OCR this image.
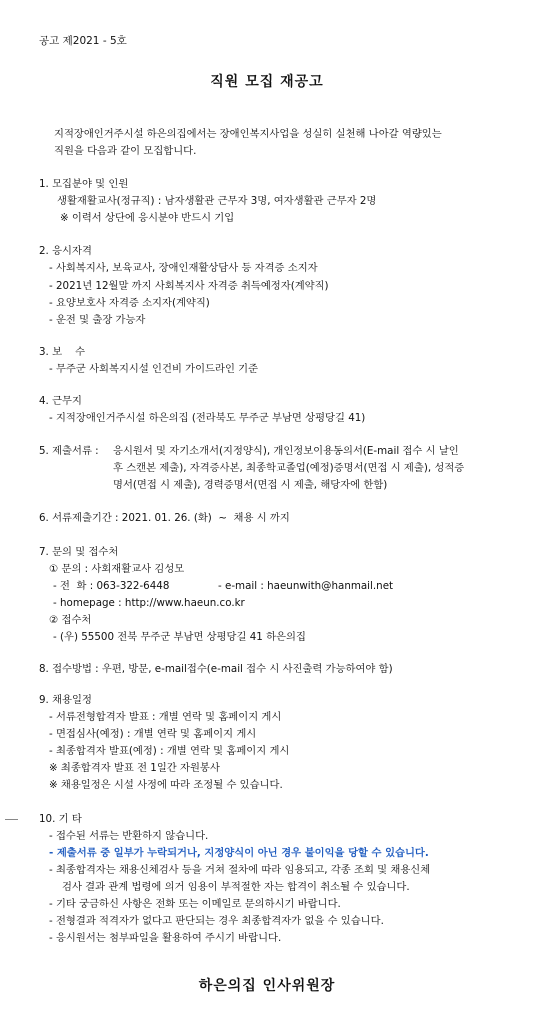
공고 제2021 - 5호
직원 모집 재공고
지적장애인거주시설 하은의집에서는 장애인복지사업을 성실히 실천해 나아갈 역량있는
직원을 다음과 같이 모집합니다.
1. 모집분야 및 인원
생활재활교사(정규직) : 남자생활관 근무자 3명, 여자생활관 근무자 2명
※ 이력서 상단에 응시분야 반드시 기입
2. 응시자격
- 사회복지사, 보육교사, 장애인재활상담사 등 자격증 소지자
- 2021년 12월말 까지 사회복지사 자격증 취득예정자(계약직)
- 요양보호사 자격증 소지자(계약직)
- 운전 및 출장 가능자
3. 보    수
- 무주군 사회복지시설 인건비 가이드라인 기준
4. 근무지
- 지적장애인거주시설 하은의집 (전라북도 무주군 부남면 상평당길 41)
5. 제출서류 : 응시원서 및 자기소개서(지정양식), 개인정보이용동의서(E-mail 접수 시 날인
후 스캔본 제출), 자격증사본, 최종학교졸업(예정)증명서(면접 시 제출), 성적증
명서(면접 시 제출), 경력증명서(면접 시 제출, 해당자에 한함)
6. 서류제출기간 : 2021. 01. 26. (화)  ~  채용 시 까지
7. 문의 및 접수처
① 문의 : 사회재활교사 김성모
- 전  화 : 063-322-6448	- e-mail : haeunwith@hanmail.net
- homepage : http://www.haeun.co.kr
② 접수처
- (우) 55500 전북 무주군 부남면 상평당길 41 하은의집
8. 접수방법 : 우편, 방문, e-mail접수(e-mail 접수 시 사진출력 가능하여야 함)
9. 채용일정
- 서류전형합격자 발표 : 개별 연락 및 홈페이지 게시
- 면접심사(예정) : 개별 연락 및 홈페이지 게시
- 최종합격자 발표(예정) : 개별 연락 및 홈페이지 게시
※ 최종합격자 발표 전 1일간 자원봉사
※ 채용일정은 시설 사정에 따라 조정될 수 있습니다.
10. 기 타
- 접수된 서류는 반환하지 않습니다.
- 제출서류 중 일부가 누락되거나, 지정양식이 아닌 경우 불이익을 당할 수 있습니다.
- 최종합격자는 채용신체검사 등을 거쳐 절차에 따라 임용되고, 각종 조회 및 채용신체
검사 결과 관계 법령에 의거 임용이 부적절한 자는 합격이 취소될 수 있습니다.
- 기타 궁금하신 사항은 전화 또는 이메일로 문의하시기 바랍니다.
- 전형결과 적격자가 없다고 판단되는 경우 최종합격자가 없을 수 있습니다.
- 응시원서는 첨부파일을 활용하여 주시기 바랍니다.
하은의집 인사위원장
